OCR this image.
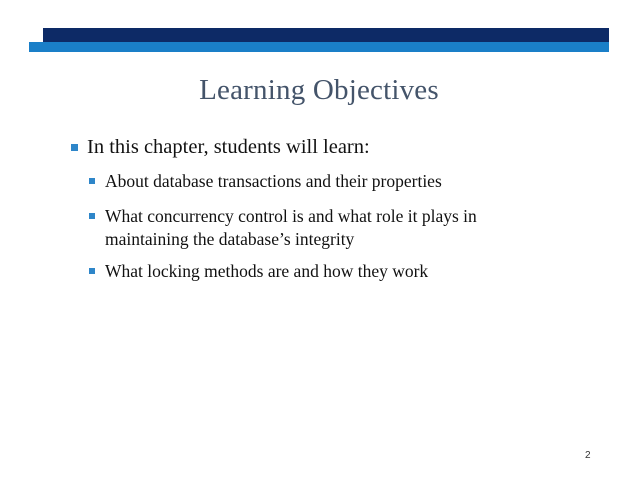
Learning Objectives
In this chapter, students will learn:
About database transactions and their properties
What concurrency control is and what role it plays in maintaining the database’s integrity
What locking methods are and how they work
2
